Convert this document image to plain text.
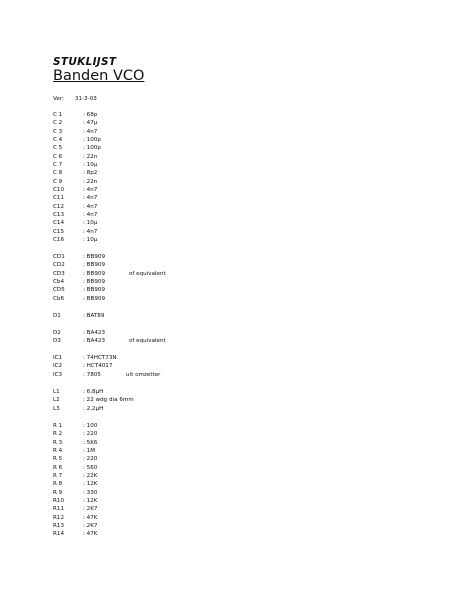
STUKLIJST
Banden VCO
Ver: 31-3-03
C 1	: 68p
C 2	: 47µ
C 3	: 4n7
C 4	: 100p
C 5	: 100p
C 6	: 22n
C 7	: 10µ
C 8	: 8p2
C 9	: 22n
C10	: 4n7
C11	: 4n7
C12	: 4n7
C13	: 4n7
C14	: 10µ
C15	: 4n7
C16	: 10µ
CD1	: BB909
CD2	: BB909
CD3	: BB909	of equivalent
Cb4	: BB909
CD5	: BB909
Cb6	: BB909
D1	: BAT89
D2	: BA423
D3	: BA423	of equivalent
IC1	: 74HCT73N
IC2	: HCT4017
IC3	: 7805	uit omzetter
L1	: 6,8µH
L2	: 22 wdg dia 6mm
L3	: 2,2µH
R 1	: 100
R 2	: 220
R 3	: 5K6
R 4	: 1M
R 5	: 220
R 6	: 560
R 7	: 22K
R 8	: 12K
R 9	: 330
R10	: 12K
R11	: 2K7
R12	: 47K
R13	: 2K7
R14	: 47K
